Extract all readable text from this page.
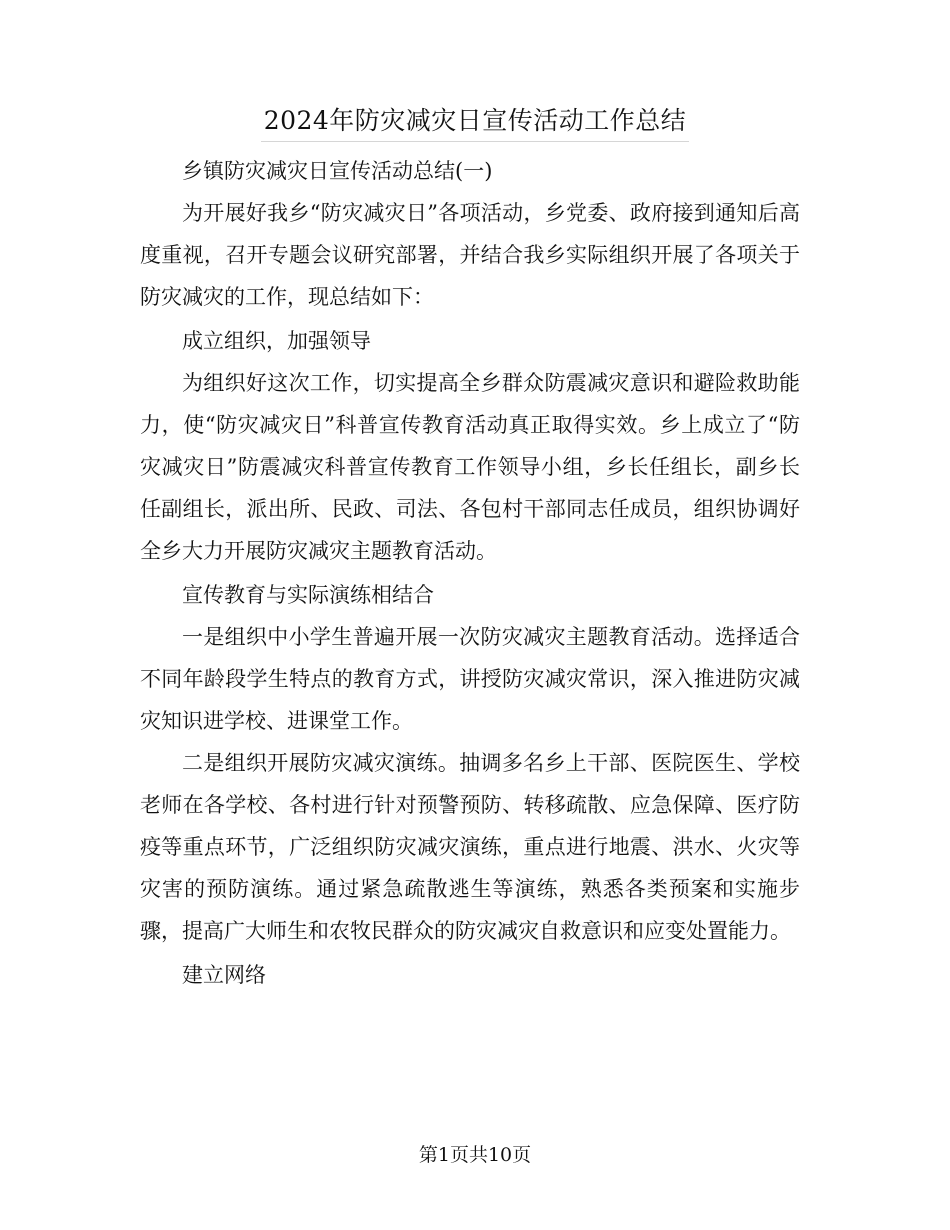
2024年防灾减灾日宣传活动工作总结

乡镇防灾减灾日宣传活动总结(一)

为开展好我乡“防灾减灾日”各项活动，乡党委、政府接到通知后高度重视，召开专题会议研究部署，并结合我乡实际组织开展了各项关于防灾减灾的工作，现总结如下：

成立组织，加强领导

为组织好这次工作，切实提高全乡群众防震减灾意识和避险救助能力，使“防灾减灾日”科普宣传教育活动真正取得实效。乡上成立了“防灾减灾日”防震减灾科普宣传教育工作领导小组，乡长任组长，副乡长任副组长，派出所、民政、司法、各包村干部同志任成员，组织协调好全乡大力开展防灾减灾主题教育活动。

宣传教育与实际演练相结合

一是组织中小学生普遍开展一次防灾减灾主题教育活动。选择适合不同年龄段学生特点的教育方式，讲授防灾减灾常识，深入推进防灾减灾知识进学校、进课堂工作。

二是组织开展防灾减灾演练。抽调多名乡上干部、医院医生、学校老师在各学校、各村进行针对预警预防、转移疏散、应急保障、医疗防疫等重点环节，广泛组织防灾减灾演练，重点进行地震、洪水、火灾等灾害的预防演练。通过紧急疏散逃生等演练，熟悉各类预案和实施步骤，提高广大师生和农牧民群众的防灾减灾自救意识和应变处置能力。

建立网络

第1页共10页
